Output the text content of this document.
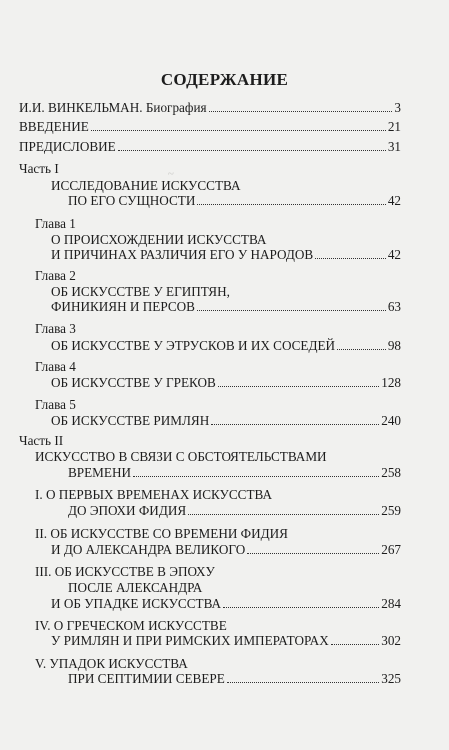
~
СОДЕРЖАНИЕ
И.И. ВИНКЕЛЬМАН. Биография	3
ВВЕДЕНИЕ	21
ПРЕДИСЛОВИЕ	31
Часть I
ИССЛЕДОВАНИЕ ИСКУССТВА
ПО ЕГО СУЩНОСТИ	42
Глава 1
О ПРОИСХОЖДЕНИИ ИСКУССТВА
И ПРИЧИНАХ РАЗЛИЧИЯ ЕГО У НАРОДОВ	42
Глава 2
ОБ ИСКУССТВЕ У ЕГИПТЯН,
ФИНИКИЯН И ПЕРСОВ	63
Глава 3
ОБ ИСКУССТВЕ У ЭТРУСКОВ И ИХ СОСЕДЕЙ	98
Глава 4
ОБ ИСКУССТВЕ У ГРЕКОВ	128
Глава 5
ОБ ИСКУССТВЕ РИМЛЯН	240
Часть II
ИСКУССТВО В СВЯЗИ С ОБСТОЯТЕЛЬСТВАМИ
ВРЕМЕНИ	258
I. О ПЕРВЫХ ВРЕМЕНАХ ИСКУССТВА
ДО ЭПОХИ ФИДИЯ	259
II. ОБ ИСКУССТВЕ СО ВРЕМЕНИ ФИДИЯ
И ДО АЛЕКСАНДРА ВЕЛИКОГО	267
III. ОБ ИСКУССТВЕ В ЭПОХУ
ПОСЛЕ АЛЕКСАНДРА
И ОБ УПАДКЕ ИСКУССТВА	284
IV. О ГРЕЧЕСКОМ ИСКУССТВЕ
У РИМЛЯН И ПРИ РИМСКИХ ИМПЕРАТОРАХ	302
V. УПАДОК ИСКУССТВА
ПРИ СЕПТИМИИ СЕВЕРЕ	325
